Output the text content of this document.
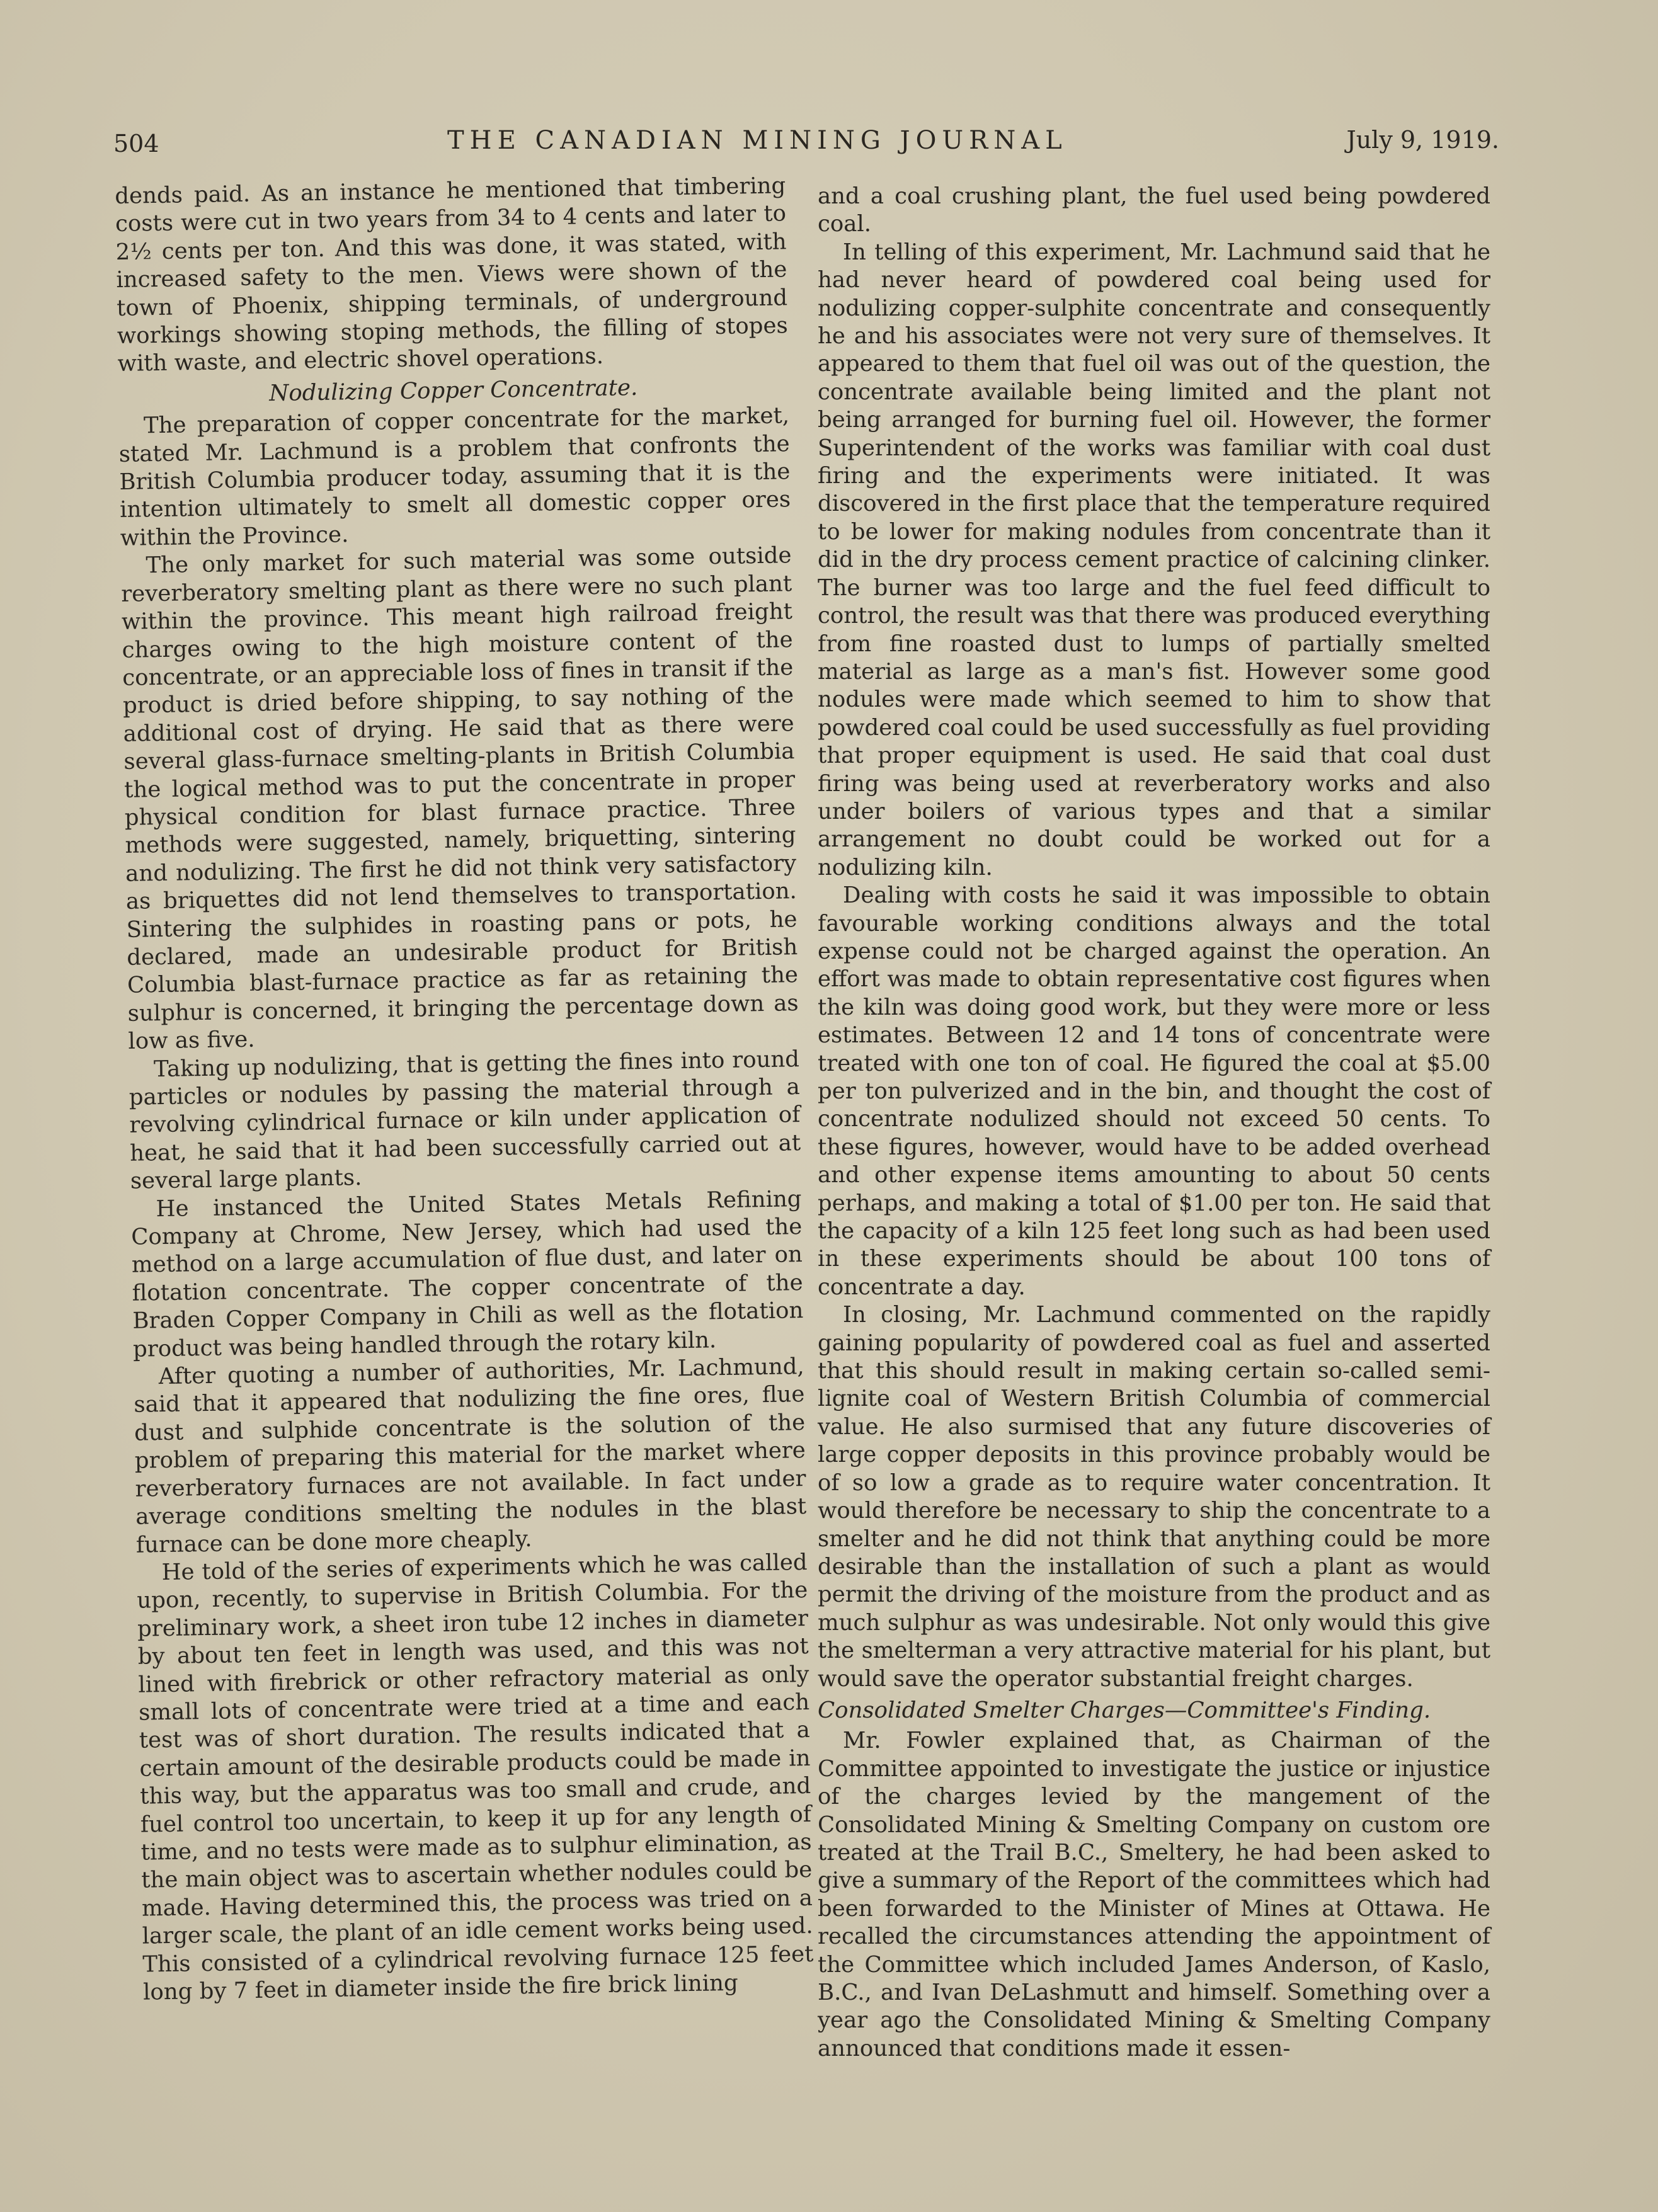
504	THE CANADIAN MINING JOURNAL	July 9, 1919.

dends paid. As an instance he mentioned that timbering costs were cut in two years from 34 to 4 cents and later to 2½ cents per ton. And this was done, it was stated, with increased safety to the men. Views were shown of the town of Phoenix, shipping terminals, of underground workings showing stoping methods, the filling of stopes with waste, and electric shovel operations.

Nodulizing Copper Concentrate.

The preparation of copper concentrate for the market, stated Mr. Lachmund is a problem that confronts the British Columbia producer today, assuming that it is the intention ultimately to smelt all domestic copper ores within the Province.

The only market for such material was some outside reverberatory smelting plant as there were no such plant within the province. This meant high railroad freight charges owing to the high moisture content of the concentrate, or an appreciable loss of fines in transit if the product is dried before shipping, to say nothing of the additional cost of drying. He said that as there were several glass-furnace smelting-plants in British Columbia the logical method was to put the concentrate in proper physical condition for blast furnace practice. Three methods were suggested, namely, briquetting, sintering and nodulizing. The first he did not think very satisfactory as briquettes did not lend themselves to transportation. Sintering the sulphides in roasting pans or pots, he declared, made an undesirable product for British Columbia blast-furnace practice as far as retaining the sulphur is concerned, it bringing the percentage down as low as five.

Taking up nodulizing, that is getting the fines into round particles or nodules by passing the material through a revolving cylindrical furnace or kiln under application of heat, he said that it had been successfully carried out at several large plants.

He instanced the United States Metals Refining Company at Chrome, New Jersey, which had used the method on a large accumulation of flue dust, and later on flotation concentrate. The copper concentrate of the Braden Copper Company in Chili as well as the flotation product was being handled through the rotary kiln.

After quoting a number of authorities, Mr. Lachmund, said that it appeared that nodulizing the fine ores, flue dust and sulphide concentrate is the solution of the problem of preparing this material for the market where reverberatory furnaces are not available. In fact under average conditions smelting the nodules in the blast furnace can be done more cheaply.

He told of the series of experiments which he was called upon, recently, to supervise in British Columbia. For the preliminary work, a sheet iron tube 12 inches in diameter by about ten feet in length was used, and this was not lined with firebrick or other refractory material as only small lots of concentrate were tried at a time and each test was of short duration. The results indicated that a certain amount of the desirable products could be made in this way, but the apparatus was too small and crude, and fuel control too uncertain, to keep it up for any length of time, and no tests were made as to sulphur elimination, as the main object was to ascertain whether nodules could be made. Having determined this, the process was tried on a larger scale, the plant of an idle cement works being used. This consisted of a cylindrical revolving furnace 125 feet long by 7 feet in diameter inside the fire brick lining

and a coal crushing plant, the fuel used being powdered coal.

In telling of this experiment, Mr. Lachmund said that he had never heard of powdered coal being used for nodulizing copper-sulphite concentrate and consequently he and his associates were not very sure of themselves. It appeared to them that fuel oil was out of the question, the concentrate available being limited and the plant not being arranged for burning fuel oil. However, the former Superintendent of the works was familiar with coal dust firing and the experiments were initiated. It was discovered in the first place that the temperature required to be lower for making nodules from concentrate than it did in the dry process cement practice of calcining clinker. The burner was too large and the fuel feed difficult to control, the result was that there was produced everything from fine roasted dust to lumps of partially smelted material as large as a man's fist. However some good nodules were made which seemed to him to show that powdered coal could be used successfully as fuel providing that proper equipment is used. He said that coal dust firing was being used at reverberatory works and also under boilers of various types and that a similar arrangement no doubt could be worked out for a nodulizing kiln.

Dealing with costs he said it was impossible to obtain favourable working conditions always and the total expense could not be charged against the operation. An effort was made to obtain representative cost figures when the kiln was doing good work, but they were more or less estimates. Between 12 and 14 tons of concentrate were treated with one ton of coal. He figured the coal at $5.00 per ton pulverized and in the bin, and thought the cost of concentrate nodulized should not exceed 50 cents. To these figures, however, would have to be added overhead and other expense items amounting to about 50 cents perhaps, and making a total of $1.00 per ton. He said that the capacity of a kiln 125 feet long such as had been used in these experiments should be about 100 tons of concentrate a day.

In closing, Mr. Lachmund commented on the rapidly gaining popularity of powdered coal as fuel and asserted that this should result in making certain so-called semi-lignite coal of Western British Columbia of commercial value. He also surmised that any future discoveries of large copper deposits in this province probably would be of so low a grade as to require water concentration. It would therefore be necessary to ship the concentrate to a smelter and he did not think that anything could be more desirable than the installation of such a plant as would permit the driving of the moisture from the product and as much sulphur as was undesirable. Not only would this give the smelterman a very attractive material for his plant, but would save the operator substantial freight charges.

Consolidated Smelter Charges—Committee's Finding.

Mr. Fowler explained that, as Chairman of the Committee appointed to investigate the justice or injustice of the charges levied by the mangement of the Consolidated Mining & Smelting Company on custom ore treated at the Trail B.C., Smeltery, he had been asked to give a summary of the Report of the committees which had been forwarded to the Minister of Mines at Ottawa. He recalled the circumstances attending the appointment of the Committee which included James Anderson, of Kaslo, B.C., and Ivan DeLashmutt and himself. Something over a year ago the Consolidated Mining & Smelting Company announced that conditions made it essen-
